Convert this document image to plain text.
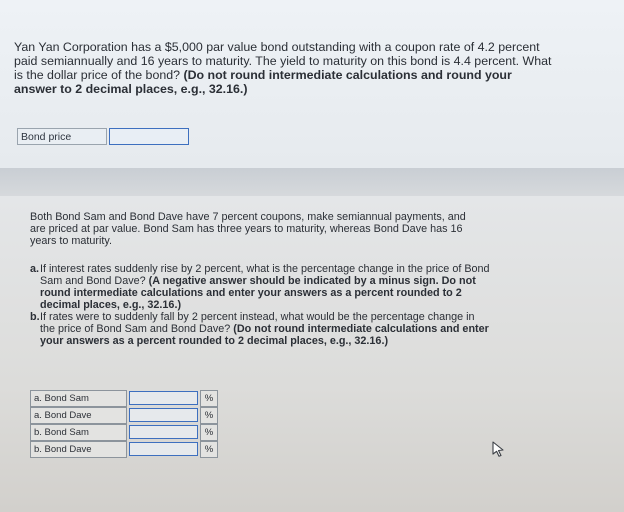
Yan Yan Corporation has a $5,000 par value bond outstanding with a coupon rate of 4.2 percent paid semiannually and 16 years to maturity. The yield to maturity on this bond is 4.4 percent. What is the dollar price of the bond? (Do not round intermediate calculations and round your answer to 2 decimal places, e.g., 32.16.)
Bond price
Both Bond Sam and Bond Dave have 7 percent coupons, make semiannual payments, and are priced at par value. Bond Sam has three years to maturity, whereas Bond Dave has 16 years to maturity.
a. If interest rates suddenly rise by 2 percent, what is the percentage change in the price of Bond Sam and Bond Dave? (A negative answer should be indicated by a minus sign. Do not round intermediate calculations and enter your answers as a percent rounded to 2 decimal places, e.g., 32.16.)
b. If rates were to suddenly fall by 2 percent instead, what would be the percentage change in the price of Bond Sam and Bond Dave? (Do not round intermediate calculations and enter your answers as a percent rounded to 2 decimal places, e.g., 32.16.)
a. Bond Sam	%
a. Bond Dave	%
b. Bond Sam	%
b. Bond Dave	%
